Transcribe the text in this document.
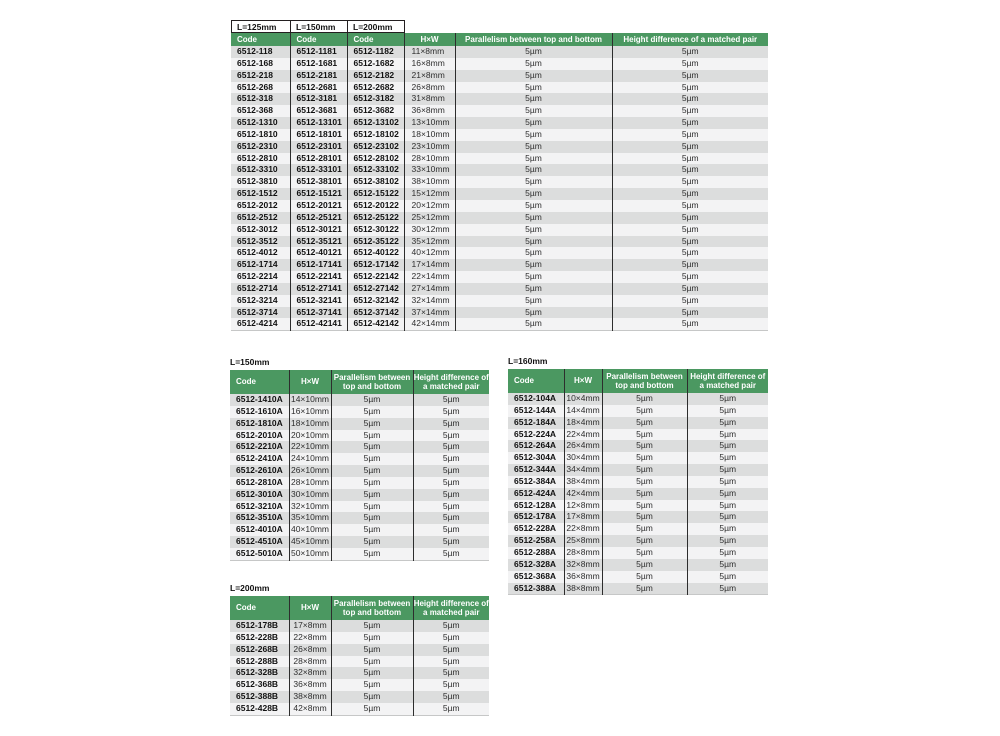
L=125mm	L=150mm	L=200mm
Code	Code	Code	H×W	Parallelism between top and bottom	Height difference of a matched pair
6512-118	6512-1181	6512-1182	11×8mm	5µm	5µm
6512-168	6512-1681	6512-1682	16×8mm	5µm	5µm
6512-218	6512-2181	6512-2182	21×8mm	5µm	5µm
6512-268	6512-2681	6512-2682	26×8mm	5µm	5µm
6512-318	6512-3181	6512-3182	31×8mm	5µm	5µm
6512-368	6512-3681	6512-3682	36×8mm	5µm	5µm
6512-1310	6512-13101	6512-13102	13×10mm	5µm	5µm
6512-1810	6512-18101	6512-18102	18×10mm	5µm	5µm
6512-2310	6512-23101	6512-23102	23×10mm	5µm	5µm
6512-2810	6512-28101	6512-28102	28×10mm	5µm	5µm
6512-3310	6512-33101	6512-33102	33×10mm	5µm	5µm
6512-3810	6512-38101	6512-38102	38×10mm	5µm	5µm
6512-1512	6512-15121	6512-15122	15×12mm	5µm	5µm
6512-2012	6512-20121	6512-20122	20×12mm	5µm	5µm
6512-2512	6512-25121	6512-25122	25×12mm	5µm	5µm
6512-3012	6512-30121	6512-30122	30×12mm	5µm	5µm
6512-3512	6512-35121	6512-35122	35×12mm	5µm	5µm
6512-4012	6512-40121	6512-40122	40×12mm	5µm	5µm
6512-1714	6512-17141	6512-17142	17×14mm	5µm	5µm
6512-2214	6512-22141	6512-22142	22×14mm	5µm	5µm
6512-2714	6512-27141	6512-27142	27×14mm	5µm	5µm
6512-3214	6512-32141	6512-32142	32×14mm	5µm	5µm
6512-3714	6512-37141	6512-37142	37×14mm	5µm	5µm
6512-4214	6512-42141	6512-42142	42×14mm	5µm	5µm
L=150mm
Code	H×W	Parallelism between top and bottom	Height difference of a matched pair
6512-1410A	14×10mm	5µm	5µm
6512-1610A	16×10mm	5µm	5µm
6512-1810A	18×10mm	5µm	5µm
6512-2010A	20×10mm	5µm	5µm
6512-2210A	22×10mm	5µm	5µm
6512-2410A	24×10mm	5µm	5µm
6512-2610A	26×10mm	5µm	5µm
6512-2810A	28×10mm	5µm	5µm
6512-3010A	30×10mm	5µm	5µm
6512-3210A	32×10mm	5µm	5µm
6512-3510A	35×10mm	5µm	5µm
6512-4010A	40×10mm	5µm	5µm
6512-4510A	45×10mm	5µm	5µm
6512-5010A	50×10mm	5µm	5µm
L=160mm
Code	H×W	Parallelism between top and bottom	Height difference of a matched pair
6512-104A	10×4mm	5µm	5µm
6512-144A	14×4mm	5µm	5µm
6512-184A	18×4mm	5µm	5µm
6512-224A	22×4mm	5µm	5µm
6512-264A	26×4mm	5µm	5µm
6512-304A	30×4mm	5µm	5µm
6512-344A	34×4mm	5µm	5µm
6512-384A	38×4mm	5µm	5µm
6512-424A	42×4mm	5µm	5µm
6512-128A	12×8mm	5µm	5µm
6512-178A	17×8mm	5µm	5µm
6512-228A	22×8mm	5µm	5µm
6512-258A	25×8mm	5µm	5µm
6512-288A	28×8mm	5µm	5µm
6512-328A	32×8mm	5µm	5µm
6512-368A	36×8mm	5µm	5µm
6512-388A	38×8mm	5µm	5µm
L=200mm
Code	H×W	Parallelism between top and bottom	Height difference of a matched pair
6512-178B	17×8mm	5µm	5µm
6512-228B	22×8mm	5µm	5µm
6512-268B	26×8mm	5µm	5µm
6512-288B	28×8mm	5µm	5µm
6512-328B	32×8mm	5µm	5µm
6512-368B	36×8mm	5µm	5µm
6512-388B	38×8mm	5µm	5µm
6512-428B	42×8mm	5µm	5µm
